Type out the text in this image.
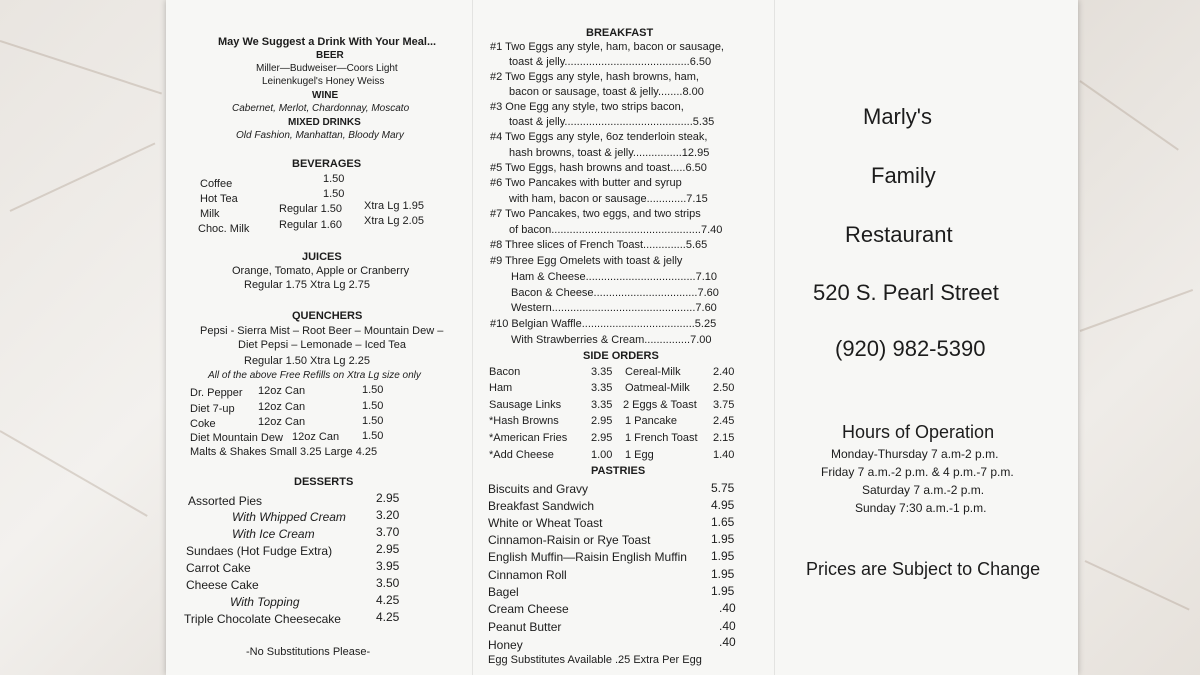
May We Suggest a Drink With Your Meal...
BEER
Miller—Budweiser—Coors Light
Leinenkugel's Honey Weiss
WINE
Cabernet, Merlot, Chardonnay, Moscato
MIXED DRINKS
Old Fashion, Manhattan, Bloody Mary
BEVERAGES
Coffee	1.50
Hot Tea	1.50
Milk	Regular 1.50 Xtra Lg 1.95
Choc. Milk	Regular 1.60 Xtra Lg 2.05
JUICES
Orange, Tomato, Apple or Cranberry
Regular 1.75 Xtra Lg 2.75
QUENCHERS
Pepsi - Sierra Mist – Root Beer – Mountain Dew –
Diet Pepsi – Lemonade – Iced Tea
Regular 1.50 Xtra Lg 2.25
All of the above Free Refills on Xtra Lg size only
Dr. Pepper 12oz Can	1.50
Diet 7-up 12oz Can	1.50
Coke	12oz Can	1.50
Diet Mountain Dew 12oz Can 1.50
Malts & Shakes Small 3.25 Large 4.25
DESSERTS
Assorted Pies	2.95
With Whipped Cream	3.20
With Ice Cream	3.70
Sundaes (Hot Fudge Extra)	2.95
Carrot Cake	3.95
Cheese Cake	3.50
With Topping	4.25
Triple Chocolate Cheesecake	4.25
-No Substitutions Please-
BREAKFAST
#1 Two Eggs any style, ham, bacon or sausage,
toast & jelly.........................................6.50
#2 Two Eggs any style, hash browns, ham,
bacon or sausage, toast & jelly........8.00
#3 One Egg any style, two strips bacon,
toast & jelly..........................................5.35
#4 Two Eggs any style, 6oz tenderloin steak,
hash browns, toast & jelly................12.95
#5 Two Eggs, hash browns and toast.....6.50
#6 Two Pancakes with butter and syrup
with ham, bacon or sausage.............7.15
#7 Two Pancakes, two eggs, and two strips
of bacon.................................................7.40
#8 Three slices of French Toast..............5.65
#9 Three Egg Omelets with toast & jelly
Ham & Cheese....................................7.10
Bacon & Cheese..................................7.60
Western...............................................7.60
#10 Belgian Waffle.....................................5.25
With Strawberries & Cream...............7.00
SIDE ORDERS
Bacon	3.35 Cereal-Milk	2.40
Ham	3.35 Oatmeal-Milk 2.50
Sausage Links	3.35 2 Eggs & Toast 3.75
*Hash Browns	2.95 1 Pancake	2.45
*American Fries 2.95 1 French Toast 2.15
*Add Cheese	1.00 1 Egg	1.40
PASTRIES
Biscuits and Gravy	5.75
Breakfast Sandwich	4.95
White or Wheat Toast	1.65
Cinnamon-Raisin or Rye Toast	1.95
English Muffin—Raisin English Muffin 1.95
Cinnamon Roll	1.95
Bagel	1.95
Cream Cheese	.40
Peanut Butter	.40
Honey	.40
Egg Substitutes Available .25 Extra Per Egg
Marly's
Family
Restaurant
520 S. Pearl Street
(920) 982-5390
Hours of Operation
Monday-Thursday 7 a.m-2 p.m.
Friday 7 a.m.-2 p.m. & 4 p.m.-7 p.m.
Saturday 7 a.m.-2 p.m.
Sunday 7:30 a.m.-1 p.m.
Prices are Subject to Change
